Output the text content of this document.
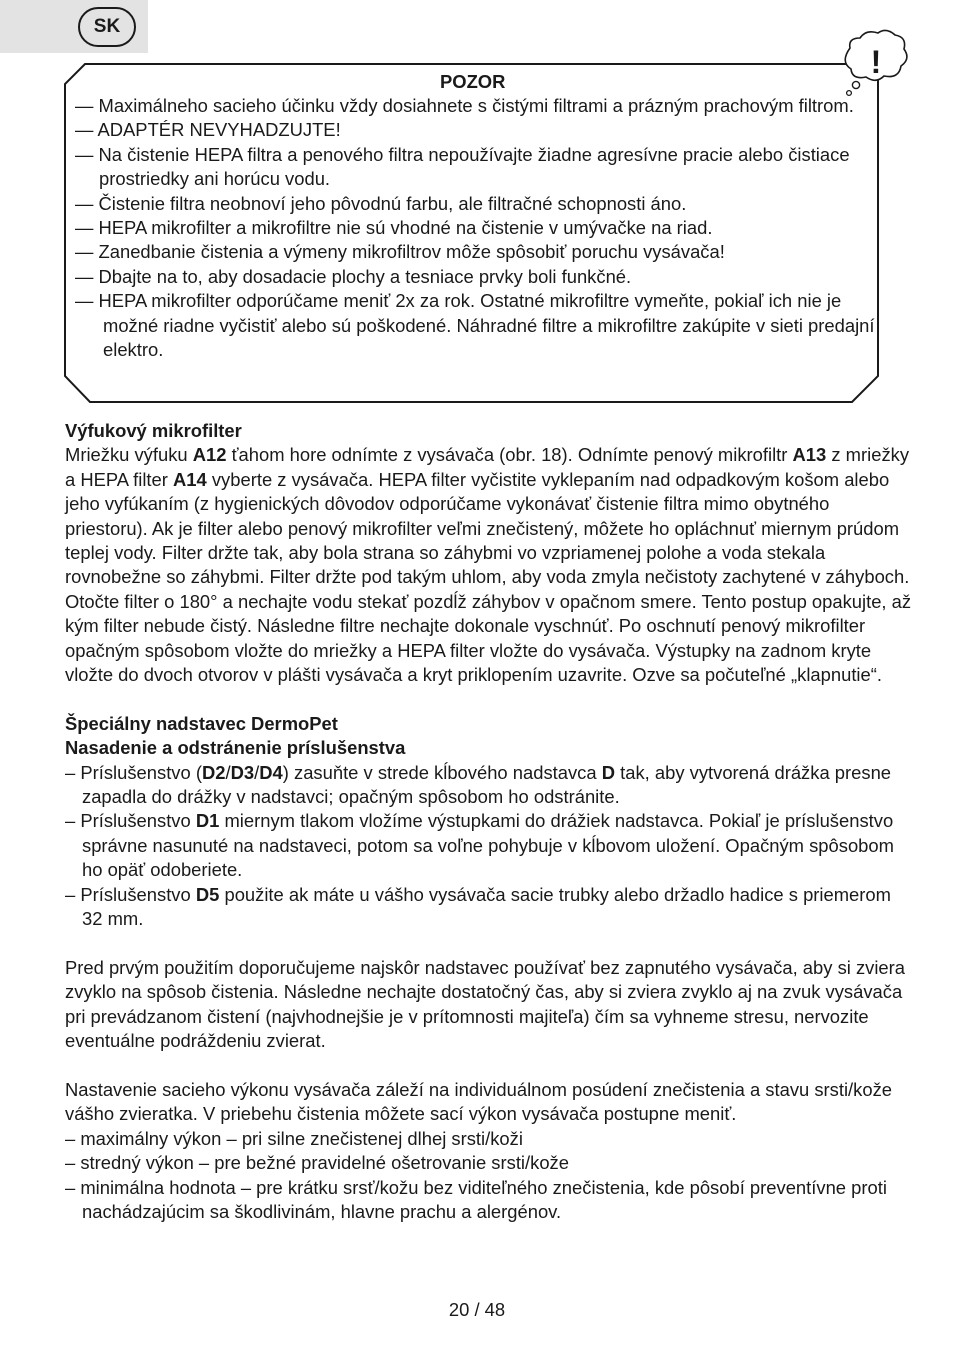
SK
!
POZOR
— Maximálneho sacieho účinku vždy dosiahnete s čistými filtrami a prázným prachovým filtrom.
— ADAPTÉR NEVYHADZUJTE!
— Na čistenie HEPA filtra a penového filtra nepoužívajte žiadne agresívne pracie alebo čistiace prostriedky ani horúcu vodu.
— Čistenie filtra neobnoví jeho pôvodnú farbu, ale filtračné schopnosti áno.
— HEPA mikrofilter a mikrofiltre nie sú vhodné na čistenie v umývačke na riad.
— Zanedbanie čistenia a výmeny mikrofiltrov môže spôsobiť poruchu vysávača!
— Dbajte na to, aby dosadacie plochy a tesniace prvky boli funkčné.
— HEPA mikrofilter odporúčame meniť 2x za rok. Ostatné mikrofiltre vymeňte, pokiaľ ich nie je možné riadne vyčistiť alebo sú poškodené. Náhradné filtre a mikrofiltre zakúpite v sieti predajní elektro.

Výfukový mikrofilter

Mriežku výfuku A12 ťahom hore odnímte z vysávača (obr. 18). Odnímte penový mikrofiltr A13 z mriežky a HEPA filter A14 vyberte z vysávača. HEPA filter vyčistite vyklepaním nad odpadkovým košom alebo jeho vyfúkaním (z hygienických dôvodov odporúčame vykonávať čistenie filtra mimo obytného priestoru). Ak je filter alebo penový mikrofilter veľmi znečistený, môžete ho opláchnuť miernym prúdom teplej vody. Filter držte tak, aby bola strana so záhybmi vo vzpriamenej polohe a voda stekala rovnobežne so záhybmi. Filter držte pod takým uhlom, aby voda zmyla nečistoty zachytené v záhyboch. Otočte filter o 180° a nechajte vodu stekať pozdĺž záhybov v opačnom smere. Tento postup opakujte, až kým filter nebude čistý. Následne filtre nechajte dokonale vyschnúť. Po oschnutí penový mikrofilter opačným spôsobom vložte do mriežky a HEPA filter vložte do vysávača. Výstupky na zadnom kryte vložte do dvoch otvorov v plášti vysávača a kryt priklopením uzavrite. Ozve sa počuteľné „klapnutie“.

Špeciálny nadstavec DermoPet

Nasadenie a odstránenie príslušenstva

– Príslušenstvo (D2/D3/D4) zasuňte v strede kĺbového nadstavca D tak, aby vytvorená drážka presne zapadla do drážky v nadstavci; opačným spôsobom ho odstránite.
– Príslušenstvo D1 miernym tlakom vložíme výstupkami do drážiek nadstavca. Pokiaľ je príslušenstvo správne nasunuté na nadstaveci, potom sa voľne pohybuje v kĺbovom uložení. Opačným spôsobom ho opäť odoberiete.
– Príslušenstvo D5 použite ak máte u vášho vysávača sacie trubky alebo držadlo hadice s priemerom 32 mm.

Pred prvým použitím doporučujeme najskôr nadstavec používať bez zapnutého vysávača, aby si zviera zvyklo na spôsob čistenia. Následne nechajte dostatočný čas, aby si zviera zvyklo aj na zvuk vysávača pri prevádzanom čistení (najvhodnejšie je v prítomnosti majiteľa) čím sa vyhneme stresu, nervozite eventuálne podráždeniu zvierat.

Nastavenie sacieho výkonu vysávača záleží na individuálnom posúdení znečistenia a stavu srsti/kože vášho zvieratka. V priebehu čistenia môžete sací výkon vysávača postupne meniť.

– maximálny výkon – pri silne znečistenej dlhej srsti/koži
– stredný výkon – pre bežné pravidelné ošetrovanie srsti/kože
– minimálna hodnota – pre krátku srsť/kožu bez viditeľného znečistenia, kde pôsobí preventívne proti nachádzajúcim sa škodlivinám, hlavne prachu a alergénov.
20 / 48
